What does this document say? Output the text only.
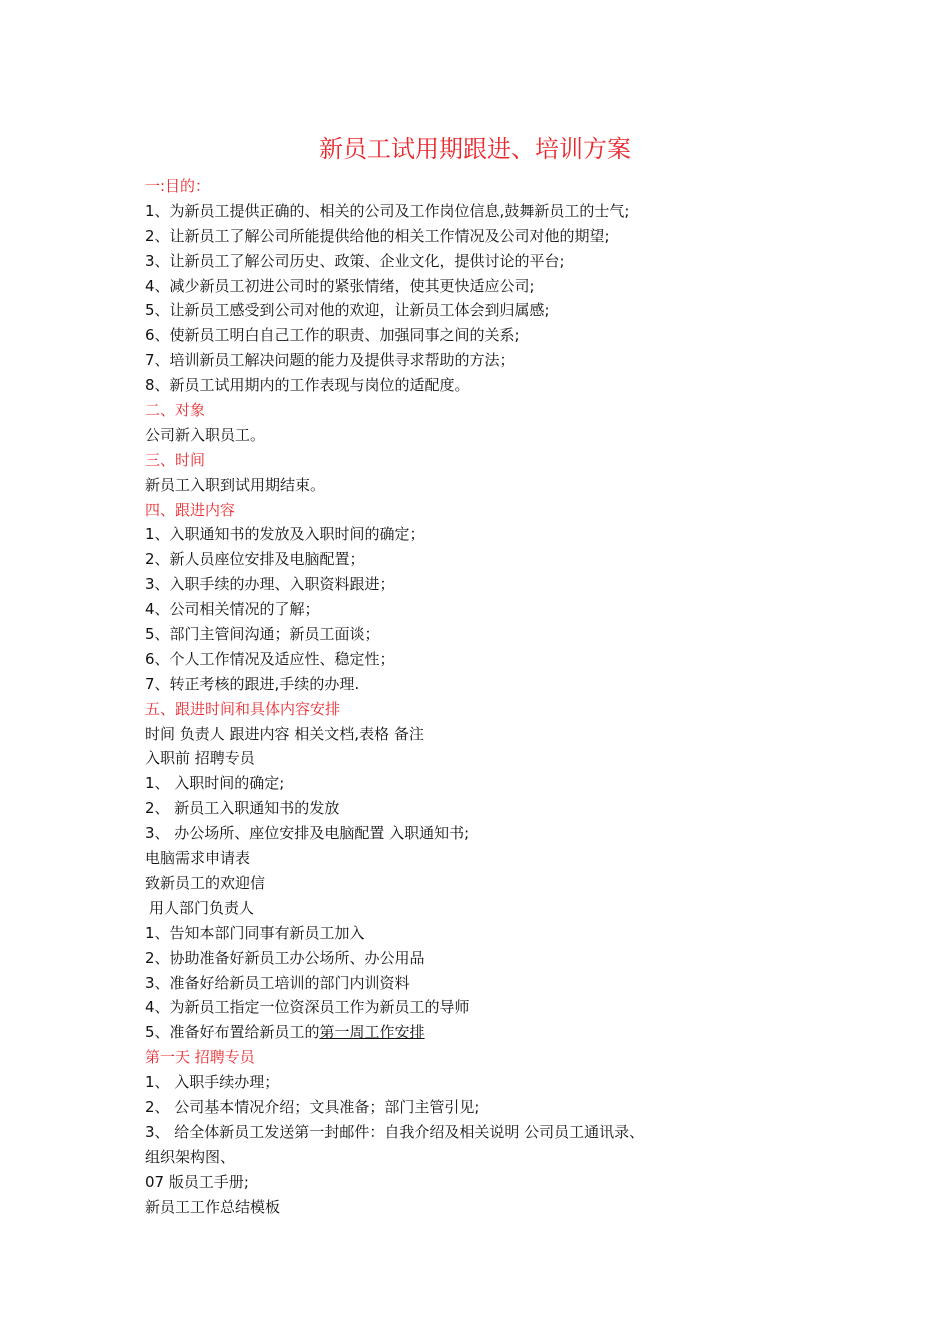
新员工试用期跟进、培训方案
一:目的：
1、为新员工提供正确的、相关的公司及工作岗位信息,鼓舞新员工的士气;
2、让新员工了解公司所能提供给他的相关工作情况及公司对他的期望;
3、让新员工了解公司历史、政策、企业文化，提供讨论的平台;
4、减少新员工初进公司时的紧张情绪，使其更快适应公司;
5、让新员工感受到公司对他的欢迎，让新员工体会到归属感;
6、使新员工明白自己工作的职责、加强同事之间的关系;
7、培训新员工解决问题的能力及提供寻求帮助的方法；
8、新员工试用期内的工作表现与岗位的适配度。
二、对象
公司新入职员工。
三、时间
新员工入职到试用期结束。
四、跟进内容
1、入职通知书的发放及入职时间的确定；
2、新人员座位安排及电脑配置；
3、入职手续的办理、入职资料跟进；
4、公司相关情况的了解；
5、部门主管间沟通；新员工面谈；
6、个人工作情况及适应性、稳定性；
7、转正考核的跟进,手续的办理.
五、跟进时间和具体内容安排
时间 负责人 跟进内容 相关文档,表格 备注
入职前 招聘专员
1、 入职时间的确定;
2、 新员工入职通知书的发放
3、 办公场所、座位安排及电脑配置 入职通知书;
电脑需求申请表
致新员工的欢迎信
用人部门负责人
1、告知本部门同事有新员工加入
2、协助准备好新员工办公场所、办公用品
3、准备好给新员工培训的部门内训资料
4、为新员工指定一位资深员工作为新员工的导师
5、准备好布置给新员工的第一周工作安排
第一天 招聘专员
1、 入职手续办理；
2、 公司基本情况介绍；文具准备；部门主管引见;
3、 给全体新员工发送第一封邮件：自我介绍及相关说明 公司员工通讯录、
组织架构图、
07 版员工手册;
新员工工作总结模板
